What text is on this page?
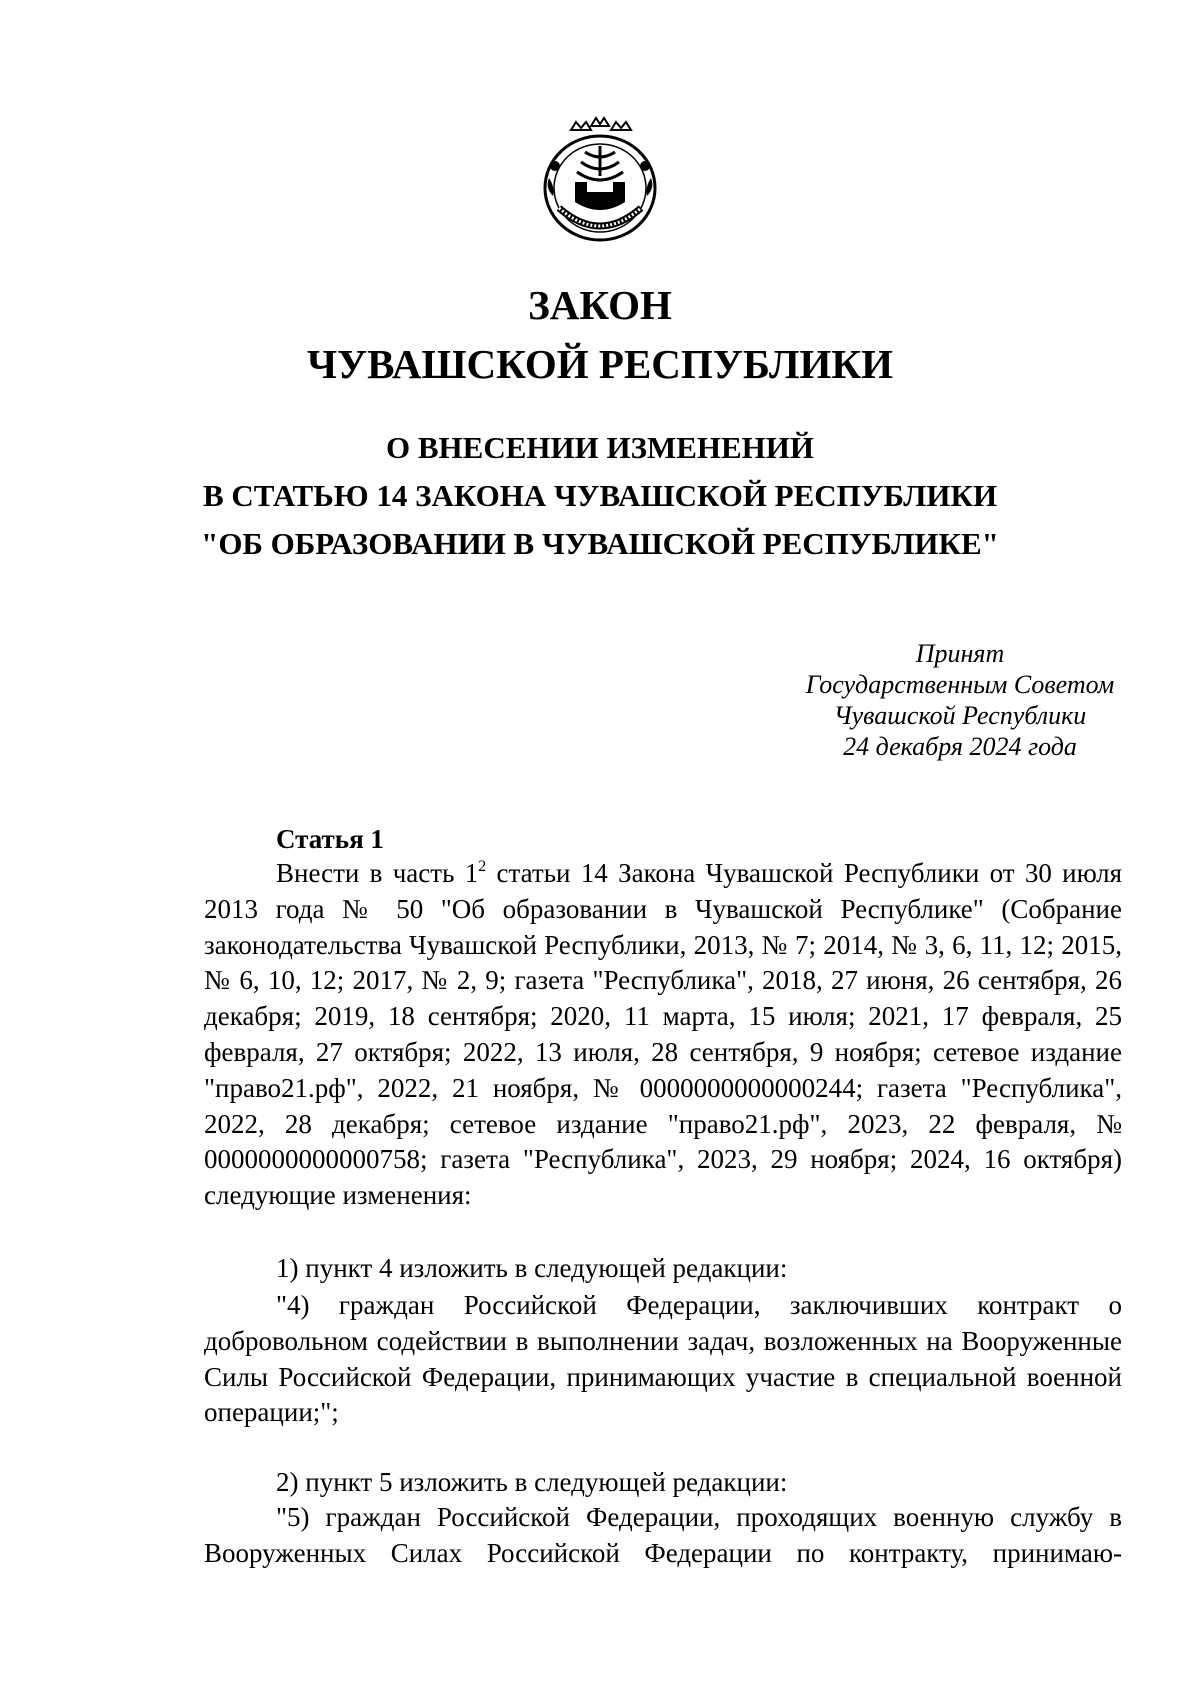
ЗАКОН
ЧУВАШСКОЙ РЕСПУБЛИКИ
О ВНЕСЕНИИ ИЗМЕНЕНИЙ
В СТАТЬЮ 14 ЗАКОНА ЧУВАШСКОЙ РЕСПУБЛИКИ
"ОБ ОБРАЗОВАНИИ В ЧУВАШСКОЙ РЕСПУБЛИКЕ"
Принят
Государственным Советом
Чувашской Республики
24 декабря 2024 года
Статья 1
Внести в часть $1^2$ статьи 14 Закона Чувашской Республики от 30 июля 2013 года № 50 "Об образовании в Чувашской Республике" (Собрание законодательства Чувашской Республики, 2013, № 7; 2014, № 3, 6, 11, 12; 2015, № 6, 10, 12; 2017, № 2, 9; газета "Республика", 2018, 27 июня, 26 сентября, 26 декабря; 2019, 18 сентября; 2020, 11 марта, 15 июля; 2021, 17 февраля, 25 февраля, 27 октября; 2022, 13 июля, 28 сентября, 9 ноября; сетевое издание "право21.рф", 2022, 21 ноября, № 0000000000000244; газета "Республика", 2022, 28 декабря; сетевое издание "право21.рф", 2023, 22 февраля, № 0000000000000758; газета "Республика", 2023, 29 ноября; 2024, 16 октября) следующие изменения:
1) пункт 4 изложить в следующей редакции:
"4) граждан Российской Федерации, заключивших контракт о добровольном содействии в выполнении задач, возложенных на Вооруженные Силы Российской Федерации, принимающих участие в специальной военной операции;";
2) пункт 5 изложить в следующей редакции:
"5) граждан Российской Федерации, проходящих военную службу в Вооруженных Силах Российской Федерации по контракту, принимаю-
